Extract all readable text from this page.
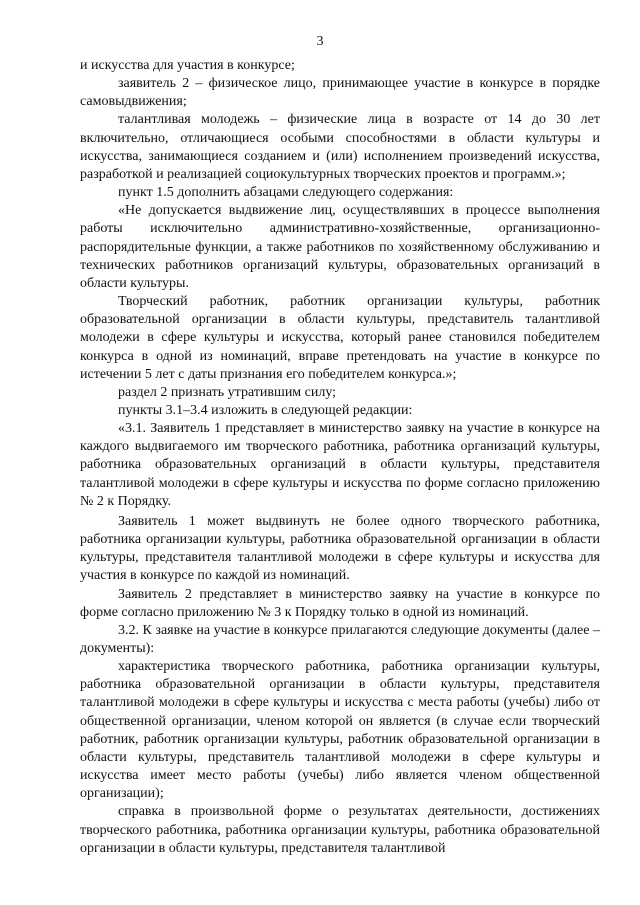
3

и искусства для участия в конкурсе;

заявитель 2 – физическое лицо, принимающее участие в конкурсе в порядке самовыдвижения;

талантливая молодежь – физические лица в возрасте от 14 до 30 лет включительно, отличающиеся особыми способностями в области культуры и искусства, занимающиеся созданием и (или) исполнением произведений искусства, разработкой и реализацией социокультурных творческих проектов и программ.»;

пункт 1.5 дополнить абзацами следующего содержания:

«Не допускается выдвижение лиц, осуществлявших в процессе выполнения работы исключительно административно-хозяйственные, организационно-распорядительные функции, а также работников по хозяйственному обслуживанию и технических работников организаций культуры, образовательных организаций в области культуры.

Творческий работник, работник организации культуры, работник образовательной организации в области культуры, представитель талантливой молодежи в сфере культуры и искусства, который ранее становился победителем конкурса в одной из номинаций, вправе претендовать на участие в конкурсе по истечении 5 лет с даты признания его победителем конкурса.»;

раздел 2 признать утратившим силу;

пункты 3.1–3.4 изложить в следующей редакции:

«3.1. Заявитель 1 представляет в министерство заявку на участие в конкурсе на каждого выдвигаемого им творческого работника, работника организаций культуры, работника образовательных организаций в области культуры, представителя талантливой молодежи в сфере культуры и искусства по форме согласно приложению № 2 к Порядку.

Заявитель 1 может выдвинуть не более одного творческого работника, работника организации культуры, работника образовательной организации в области культуры, представителя талантливой молодежи в сфере культуры и искусства для участия в конкурсе по каждой из номинаций.

Заявитель 2 представляет в министерство заявку на участие в конкурсе по форме согласно приложению № 3 к Порядку только в одной из номинаций.

3.2. К заявке на участие в конкурсе прилагаются следующие документы (далее – документы):

характеристика творческого работника, работника организации культуры, работника образовательной организации в области культуры, представителя талантливой молодежи в сфере культуры и искусства с места работы (учебы) либо от общественной организации, членом которой он является (в случае если творческий работник, работник организации культуры, работник образовательной организации в области культуры, представитель талантливой молодежи в сфере культуры и искусства имеет место работы (учебы) либо является членом общественной организации);

справка в произвольной форме о результатах деятельности, достижениях творческого работника, работника организации культуры, работника образовательной организации в области культуры, представителя талантливой
